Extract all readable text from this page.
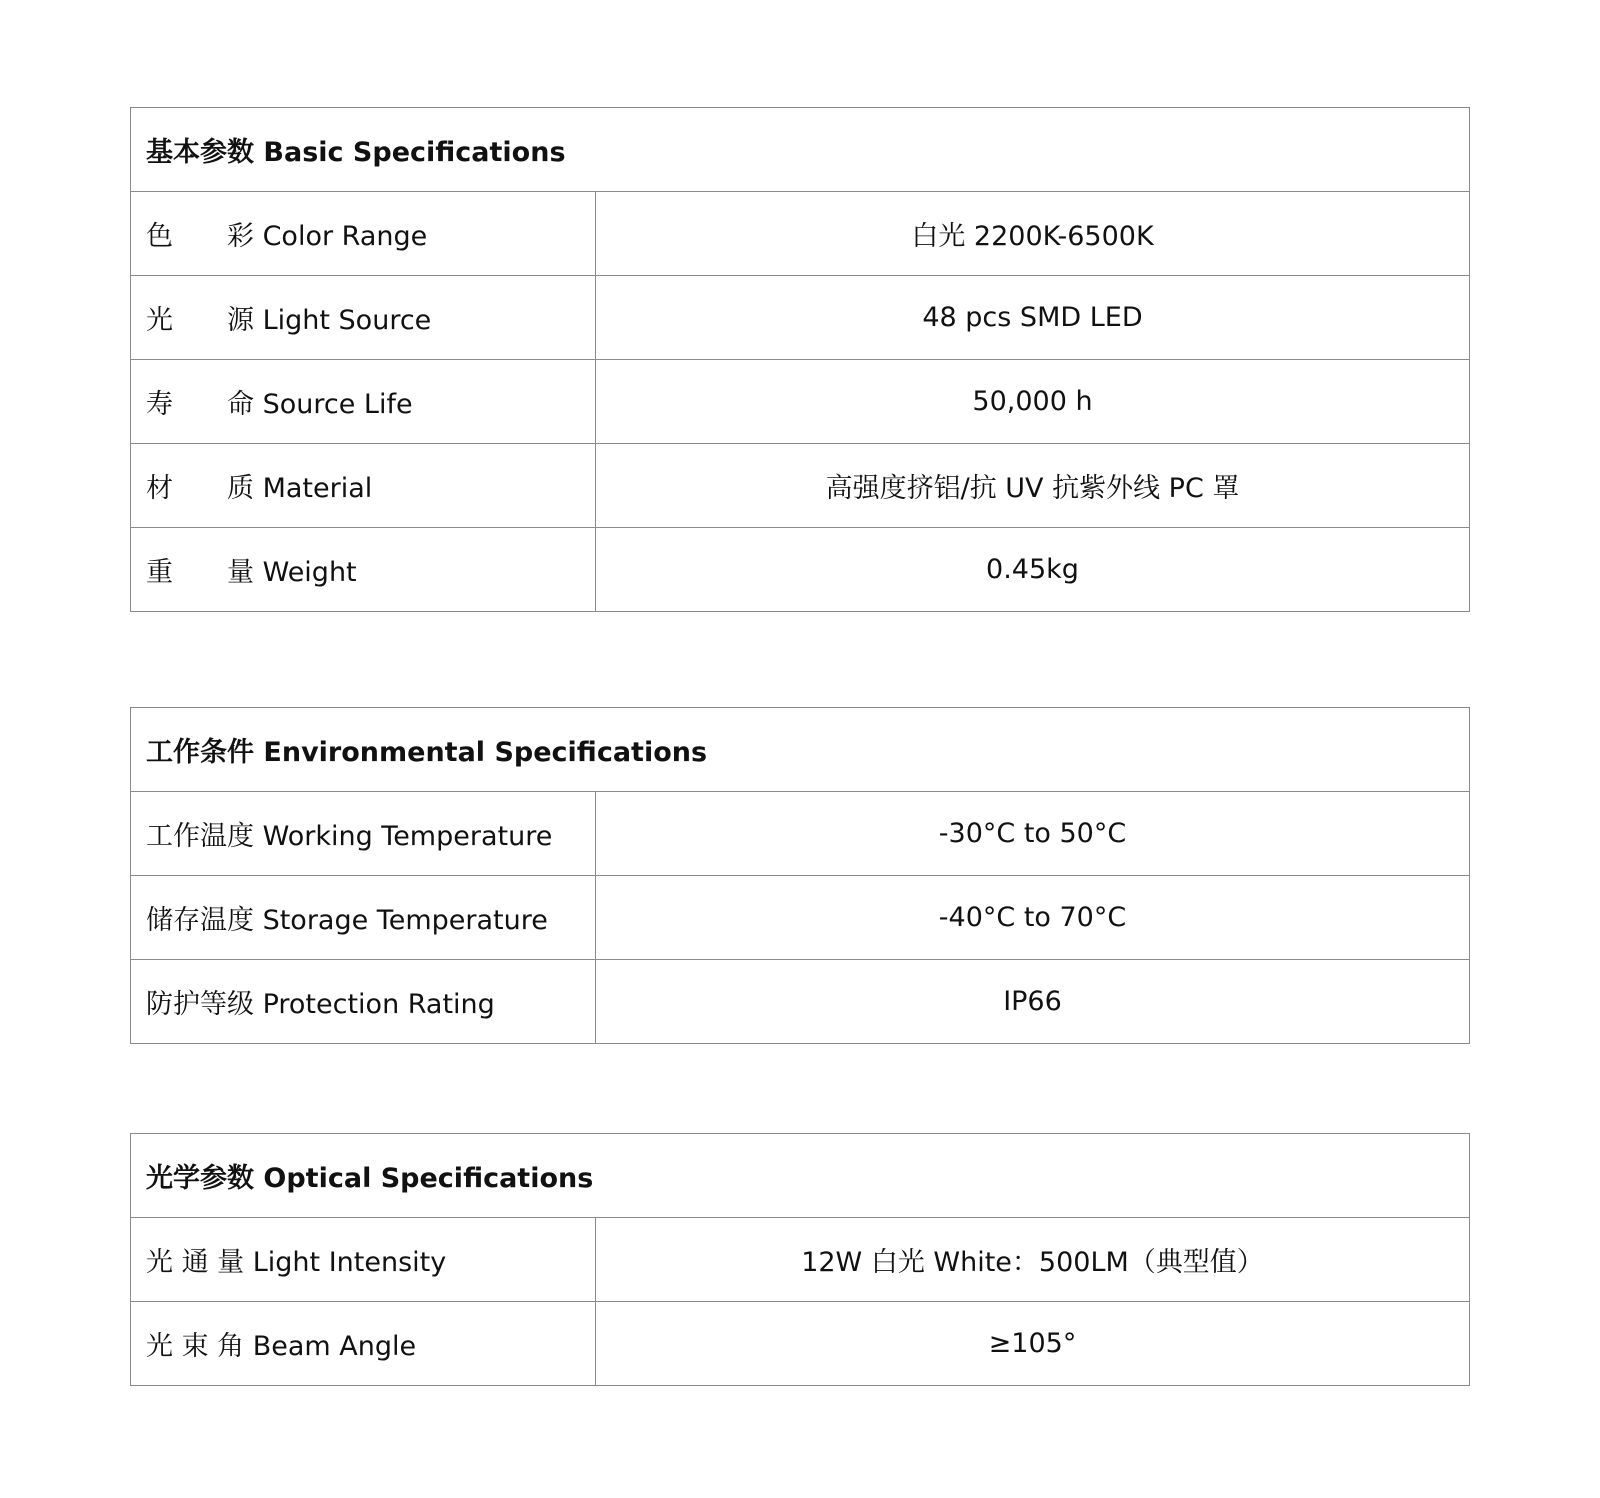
基本参数 Basic Specifications	
色　　彩 Color Range	白光 2200K-6500K
光　　源 Light Source	48 pcs SMD LED
寿　　命 Source Life	50,000 h
材　　质 Material	高强度挤铝/抗 UV 抗紫外线 PC 罩
重　　量 Weight	0.45kg
工作条件 Environmental Specifications	
工作温度 Working Temperature	-30°C to 50°C
储存温度 Storage Temperature	-40°C to 70°C
防护等级 Protection Rating	IP66
光学参数 Optical Specifications	
光 通 量 Light Intensity	12W 白光 White：500LM（典型值）
光 束 角 Beam Angle	≥105°
